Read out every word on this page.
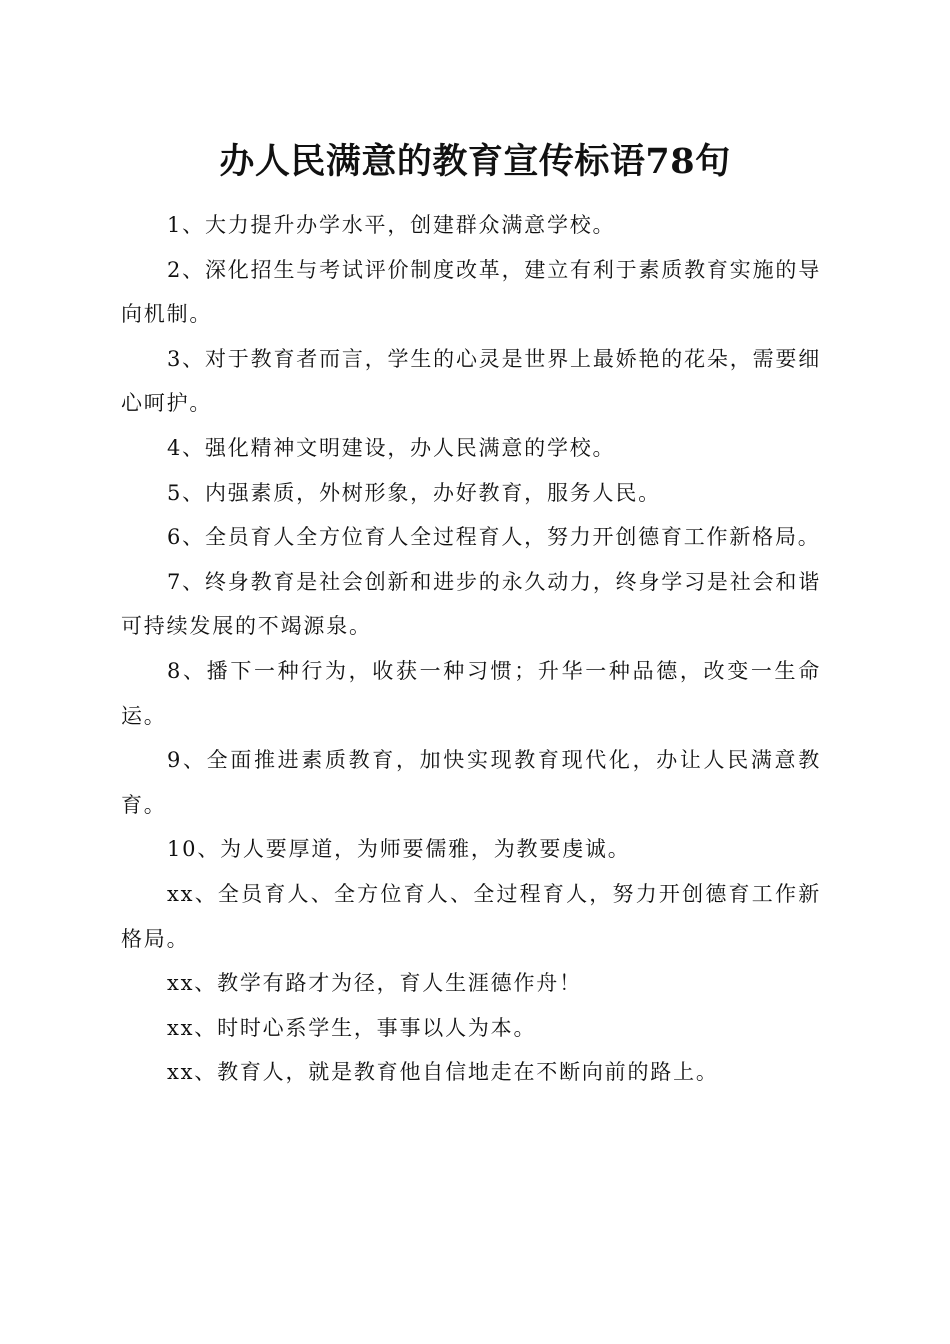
办人民满意的教育宣传标语78句

1、大力提升办学水平，创建群众满意学校。

2、深化招生与考试评价制度改革，建立有利于素质教育实施的导向机制。

3、对于教育者而言，学生的心灵是世界上最娇艳的花朵，需要细心呵护。

4、强化精神文明建设，办人民满意的学校。

5、内强素质，外树形象，办好教育，服务人民。

6、全员育人全方位育人全过程育人，努力开创德育工作新格局。

7、终身教育是社会创新和进步的永久动力，终身学习是社会和谐可持续发展的不竭源泉。

8、播下一种行为，收获一种习惯；升华一种品德，改变一生命运。

9、全面推进素质教育，加快实现教育现代化，办让人民满意教育。

10、为人要厚道，为师要儒雅，为教要虔诚。

xx、全员育人、全方位育人、全过程育人，努力开创德育工作新格局。

xx、教学有路才为径，育人生涯德作舟！

xx、时时心系学生，事事以人为本。

xx、教育人，就是教育他自信地走在不断向前的路上。
